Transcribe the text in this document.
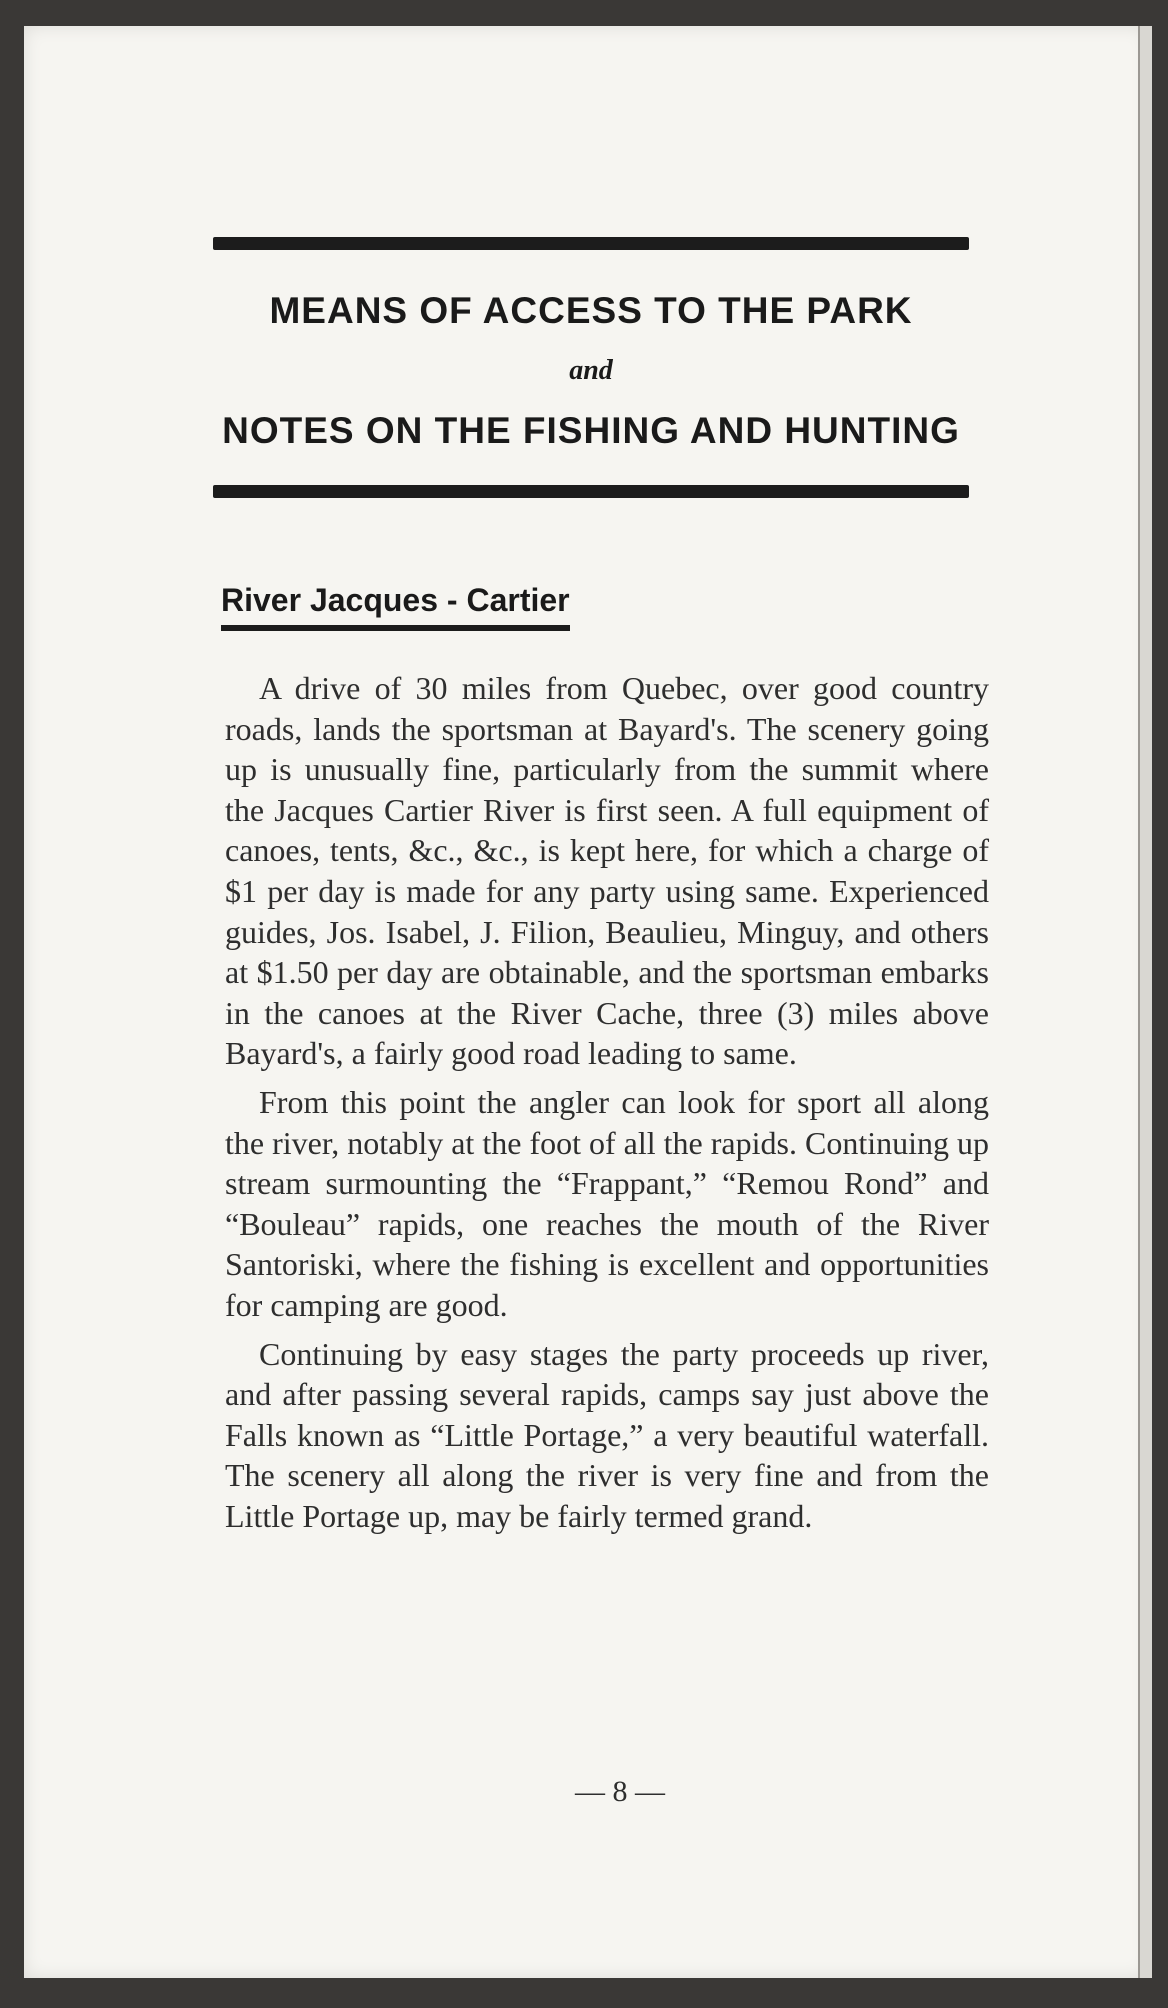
MEANS OF ACCESS TO THE PARK
and
NOTES ON THE FISHING AND HUNTING
River Jacques - Cartier

A drive of 30 miles from Quebec, over good country roads, lands the sportsman at Bayard's. The scenery going up is unusually fine, particularly from the summit where the Jacques Cartier River is first seen. A full equipment of canoes, tents, &c., &c., is kept here, for which a charge of $1 per day is made for any party using same. Experienced guides, Jos. Isabel, J. Filion, Beaulieu, Minguy, and others at $1.50 per day are obtainable, and the sportsman embarks in the canoes at the River Cache, three (3) miles above Bayard's, a fairly good road leading to same.

From this point the angler can look for sport all along the river, notably at the foot of all the rapids. Continuing up stream surmounting the “Frappant,” “Remou Rond” and “Bouleau” rapids, one reaches the mouth of the River Santoriski, where the fishing is excellent and opportunities for camping are good.

Continuing by easy stages the party proceeds up river, and after passing several rapids, camps say just above the Falls known as “Little Portage,” a very beautiful waterfall. The scenery all along the river is very fine and from the Little Portage up, may be fairly termed grand.

— 8 —
